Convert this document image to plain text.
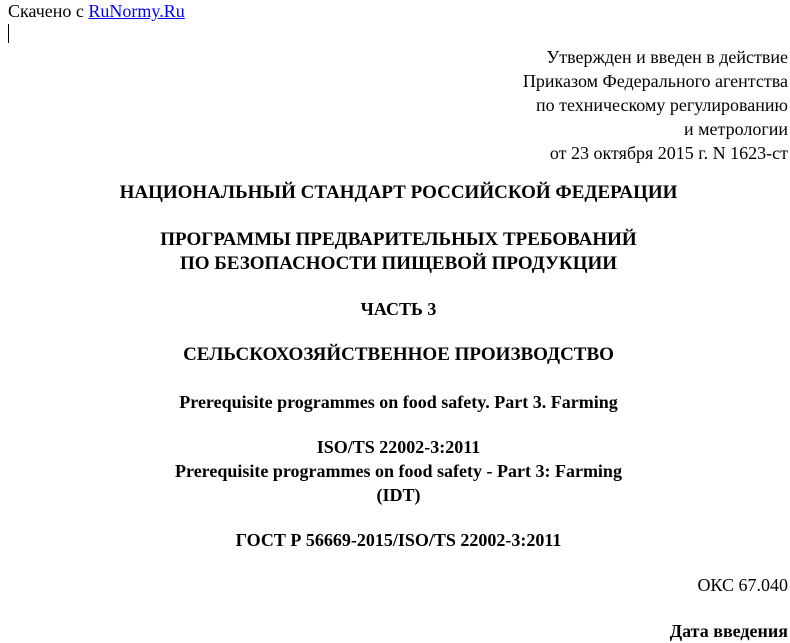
Скачено с RuNormy.Ru
Утвержден и введен в действие
Приказом Федерального агентства
по техническому регулированию
и метрологии
от 23 октября 2015 г. N 1623-ст
НАЦИОНАЛЬНЫЙ СТАНДАРТ РОССИЙСКОЙ ФЕДЕРАЦИИ
ПРОГРАММЫ ПРЕДВАРИТЕЛЬНЫХ ТРЕБОВАНИЙ
ПО БЕЗОПАСНОСТИ ПИЩЕВОЙ ПРОДУКЦИИ
ЧАСТЬ 3
СЕЛЬСКОХОЗЯЙСТВЕННОЕ ПРОИЗВОДСТВО
Prerequisite programmes on food safety. Part 3. Farming
ISO/TS 22002-3:2011
Prerequisite programmes on food safety - Part 3: Farming
(IDT)
ГОСТ Р 56669-2015/ISO/TS 22002-3:2011
ОКС 67.040
Дата введения
